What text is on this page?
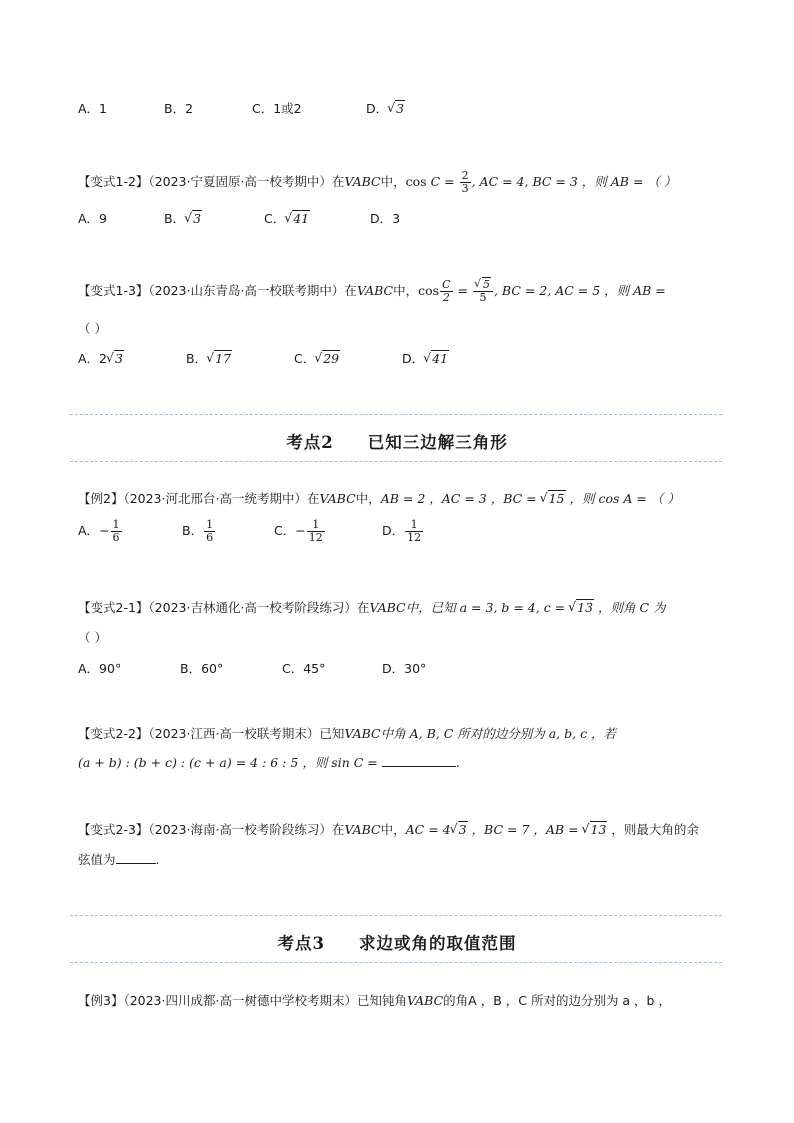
A．1	B．2	C．1或2	D． √ 3
【变式1-2】（2023·宁夏固原·高一校考期中）在VABC中，$\cos C = \frac{2}{3}$ , AC = 4, BC = 3 ，则 AB = （ ）
A．9	B． √ 3	C． √ 41	D．3
【变式1-3】（2023·山东青岛·高一校联考期中）在VABC中，$\cos \frac{C}{2}$ = √ $\frac{5}{5}$ , BC = 2, AC = 5 ，则 AB =
（ ）
A．2 √ 3	B． √ 17	C． √ 29	D． √ 41
考点2 已知三边解三角形
【例2】（2023·河北邢台·高一统考期中）在VABC中，AB = 2 ，AC = 3 ，BC = √ 15 ，则 cos A = （ ）
A．− $\frac{1}{6}$	B． $\frac{1}{6}$	C．− $\frac{1}{12}$	D． $\frac{1}{12}$
【变式2-1】（2023·吉林通化·高一校考阶段练习）在VABC中，已知 a = 3, b = 4, c = √ 13 ，则角 C 为
（ ）
A．90°	B．60°	C．45°	D．30°
【变式2-2】（2023·江西·高一校联考期末）已知VABC中角 A, B, C 所对的边分别为 a, b, c ，若
(a + b) : (b + c) : (c + a) = 4 : 6 : 5 ，则 sin C =	.
【变式2-3】（2023·海南·高一校考阶段练习）在VABC中，AC = 4 √ 3 ，BC = 7 ，AB = √ 13 ，则最大角的余
弦值为	.
考点3 求边或角的取值范围
【例3】（2023·四川成都·高一树德中学校考期末）已知钝角VABC的角A ，B ，C 所对的边分别为 a ，b ，
